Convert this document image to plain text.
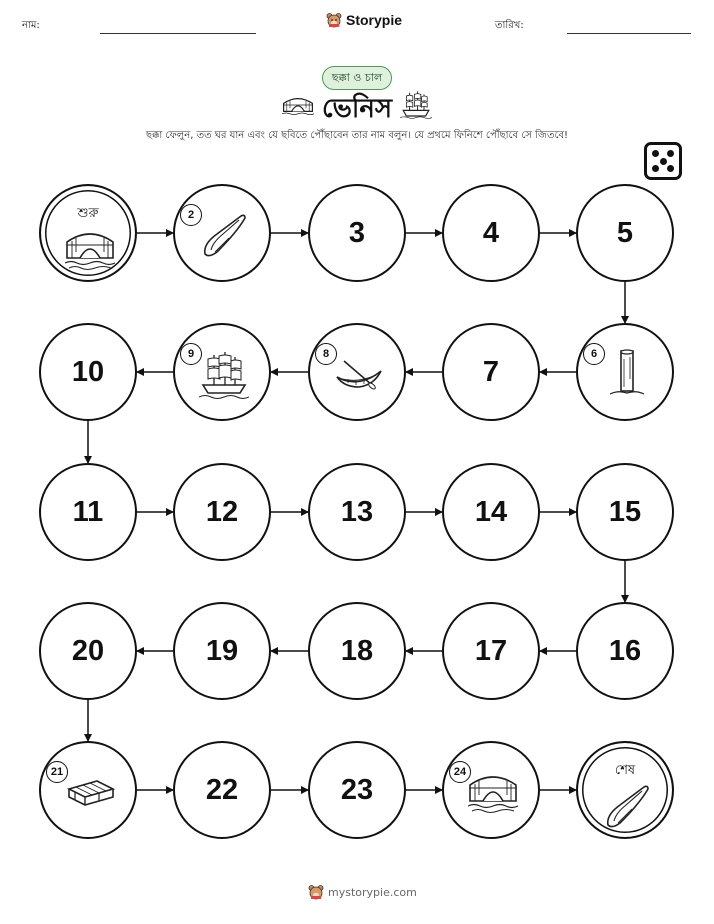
নাম:	Storypie	তারিখ:
ছক্কা ও চাল
ভেনিস
ছক্কা ফেলুন, তত ঘর যান এবং যে ছবিতে পৌঁছাবেন তার নাম বলুন। যে প্রথমে ফিনিশে পৌঁছাবে সে জিতবে!
শুরু	2
3	4	5
6
7
8
9
10
11	12	13	14	15
16
17
18
19
20
21
22	23
24	শেষ
mystorypie.com
